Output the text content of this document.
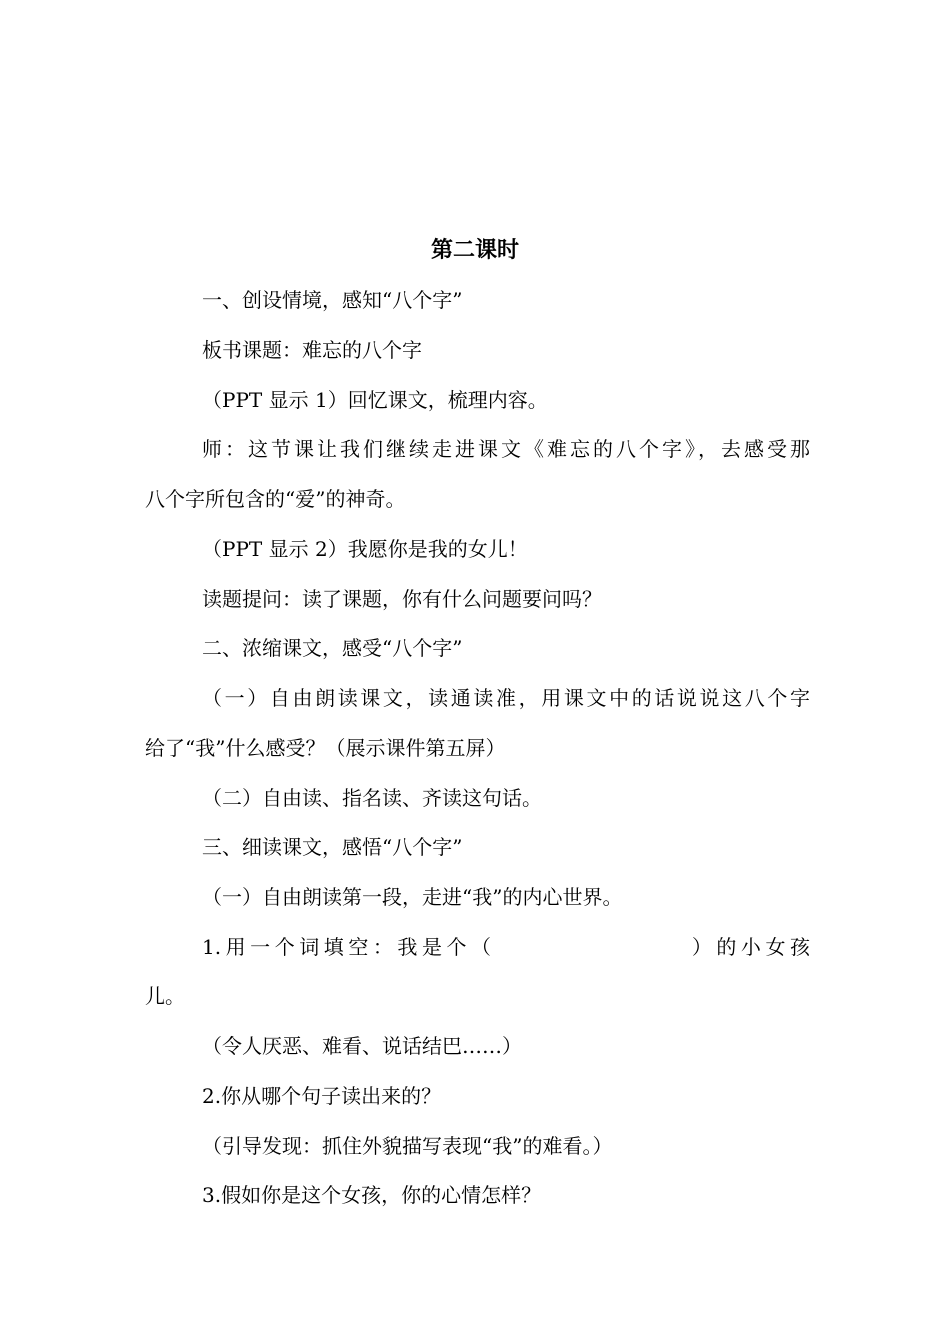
第二课时

一、创设情境，感知“八个字”

板书课题：难忘的八个字

（PPT 显示 1）回忆课文，梳理内容。

师：这节课让我们继续走进课文《难忘的八个字》，去感受那

八个字所包含的“爱”的神奇。

（PPT 显示 2）我愿你是我的女儿！

读题提问：读了课题，你有什么问题要问吗？

二、浓缩课文，感受“八个字”

（一）自由朗读课文，读通读准，用课文中的话说说这八个字

给了“我”什么感受？（展示课件第五屏）

（二）自由读、指名读、齐读这句话。

三、细读课文，感悟“八个字”

（一）自由朗读第一段，走进“我”的内心世界。

1.用一个词填空：我是个（                  ）的小女孩

儿。

（令人厌恶、难看、说话结巴……）

2.你从哪个句子读出来的？

（引导发现：抓住外貌描写表现“我”的难看。）

3.假如你是这个女孩，你的心情怎样？
